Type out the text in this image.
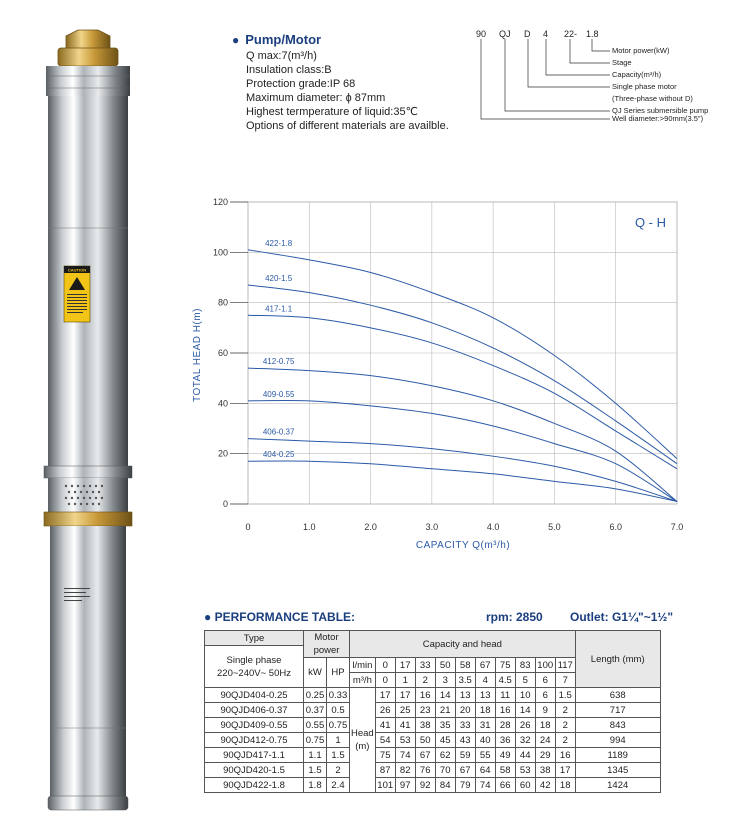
CAUTION
● Pump/Motor
Q max:7(m³/h)
Insulation class:B
Protection grade:IP 68
Maximum diameter: ɸ 87mm
Highest termperature of liquid:35℃
Options of different materials are availble.
90 QJ D 4 22- 1.8
Motor power(kW)
Stage
Capacity(m³/h)
Single phase motor
(Three-phase without D)
QJ Series submersible pump
Well diameter:>90mm(3.5")
0	1.0	2.0	3.0	4.0	5.0	6.0	7.0
0
20
40
60
80
100
120
422-1.8
420-1.5
417-1.1
412-0.75
409-0.55
406-0.37
404-0.25
Q - H
CAPACITY Q(m³/h)
TOTAL HEAD H(m)
● PERFORMANCE TABLE:	rpm: 2850 Outlet: G1¼"~1½"
Type	Motor power		Capacity and head											Length (mm)
Single phase 220~240V~ 50Hz														
	kW	HP	l/min	0	17	33	50	58	67	75	83	100	117	
			m³/h	0	1	2	3	3.5	4	4.5	5	6	7	
90QJD404-0.25	0.25	0.33	Head (m)	17	17	16	14	13	13	11	10	6	1.5	638
90QJD406-0.37	0.37	0.5		26	25	23	21	20	18	16	14	9	2	717
90QJD409-0.55	0.55	0.75		41	41	38	35	33	31	28	26	18	2	843
90QJD412-0.75	0.75	1		54	53	50	45	43	40	36	32	24	2	994
90QJD417-1.1	1.1	1.5		75	74	67	62	59	55	49	44	29	16	1189
90QJD420-1.5	1.5	2		87	82	76	70	67	64	58	53	38	17	1345
90QJD422-1.8	1.8	2.4		101	97	92	84	79	74	66	60	42	18	1424
